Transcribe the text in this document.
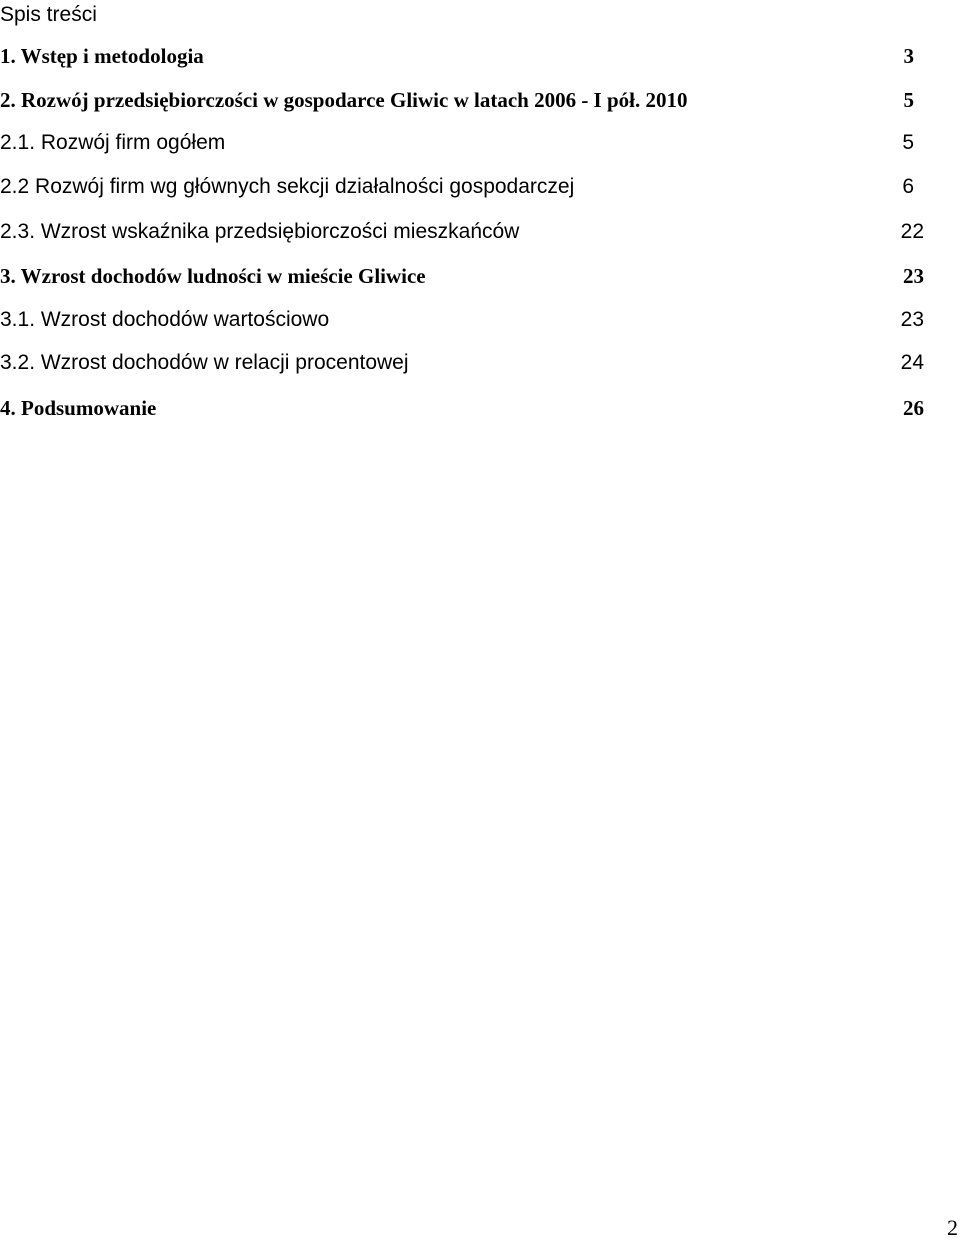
Spis treści
1. Wstęp i metodologia	3
2. Rozwój przedsiębiorczości w gospodarce Gliwic w latach 2006 - I pół. 2010	5
2.1. Rozwój firm ogółem	5
2.2 Rozwój firm wg głównych sekcji działalności gospodarczej	6
2.3. Wzrost wskaźnika przedsiębiorczości mieszkańców	22
3. Wzrost dochodów ludności w mieście Gliwice	23
3.1. Wzrost dochodów wartościowo	23
3.2. Wzrost dochodów w relacji procentowej	24
4. Podsumowanie	26
2
